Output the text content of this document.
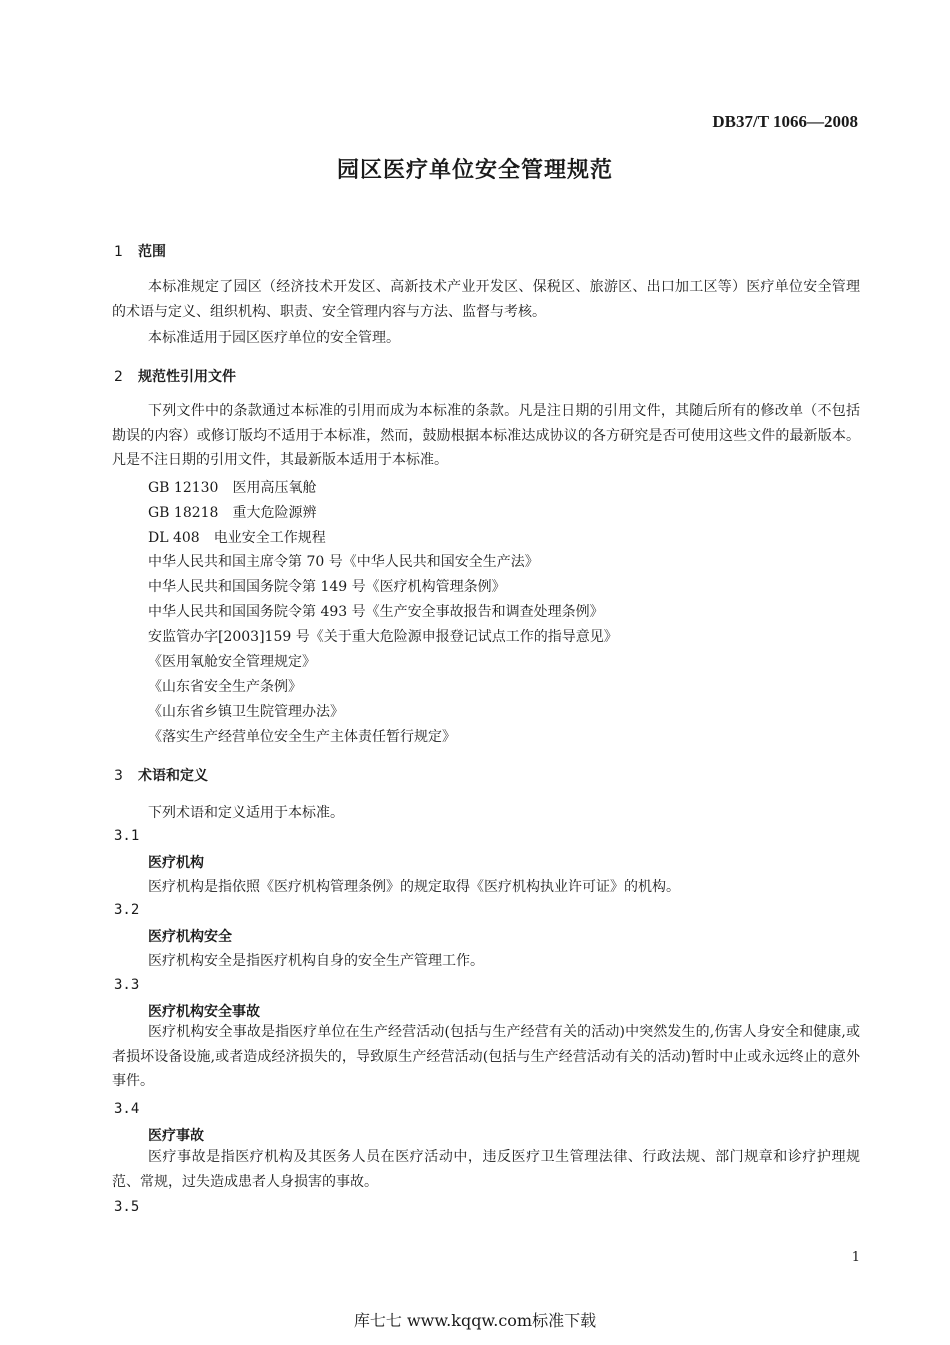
DB37/T 1066—2008
园区医疗单位安全管理规范
1 范围
本标准规定了园区（经济技术开发区、高新技术产业开发区、保税区、旅游区、出口加工区等）医疗单位安全管理的术语与定义、组织机构、职责、安全管理内容与方法、监督与考核。
本标准适用于园区医疗单位的安全管理。
2 规范性引用文件
下列文件中的条款通过本标准的引用而成为本标准的条款。凡是注日期的引用文件，其随后所有的修改单（不包括勘误的内容）或修订版均不适用于本标准，然而，鼓励根据本标准达成协议的各方研究是否可使用这些文件的最新版本。凡是不注日期的引用文件，其最新版本适用于本标准。
GB 12130　医用高压氧舱
GB 18218　重大危险源辨
DL 408　电业安全工作规程
中华人民共和国主席令第 70 号《中华人民共和国安全生产法》
中华人民共和国国务院令第 149 号《医疗机构管理条例》
中华人民共和国国务院令第 493 号《生产安全事故报告和调查处理条例》
安监管办字[2003]159 号《关于重大危险源申报登记试点工作的指导意见》
《医用氧舱安全管理规定》
《山东省安全生产条例》
《山东省乡镇卫生院管理办法》
《落实生产经营单位安全生产主体责任暂行规定》
3 术语和定义
下列术语和定义适用于本标准。
3.1
医疗机构
医疗机构是指依照《医疗机构管理条例》的规定取得《医疗机构执业许可证》的机构。
3.2
医疗机构安全
医疗机构安全是指医疗机构自身的安全生产管理工作。
3.3
医疗机构安全事故
医疗机构安全事故是指医疗单位在生产经营活动(包括与生产经营有关的活动)中突然发生的,伤害人身安全和健康,或者损坏设备设施,或者造成经济损失的，导致原生产经营活动(包括与生产经营活动有关的活动)暂时中止或永远终止的意外事件。
3.4
医疗事故
医疗事故是指医疗机构及其医务人员在医疗活动中，违反医疗卫生管理法律、行政法规、部门规章和诊疗护理规范、常规，过失造成患者人身损害的事故。
3.5
1
库七七 www.kqqw.com标准下载
